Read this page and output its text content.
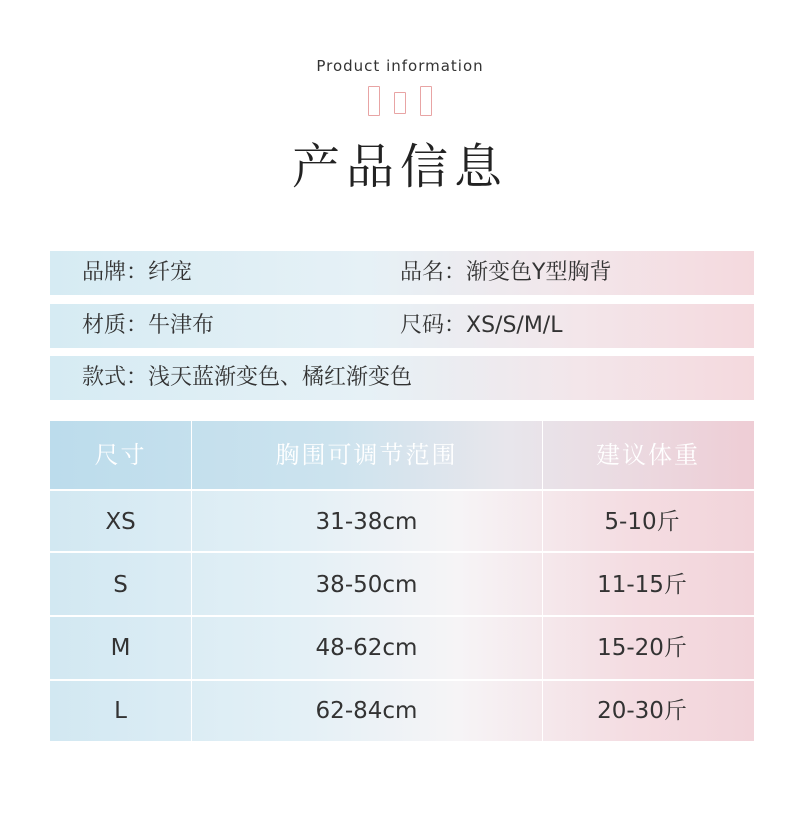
Product information
产品信息
品牌：纤宠	品名：渐变色Y型胸背
材质：牛津布	尺码：XS/S/M/L
款式：浅天蓝渐变色、橘红渐变色
尺寸	胸围可调节范围	建议体重
XS	31-38cm	5-10斤
S	38-50cm	11-15斤
M	48-62cm	15-20斤
L	62-84cm	20-30斤
